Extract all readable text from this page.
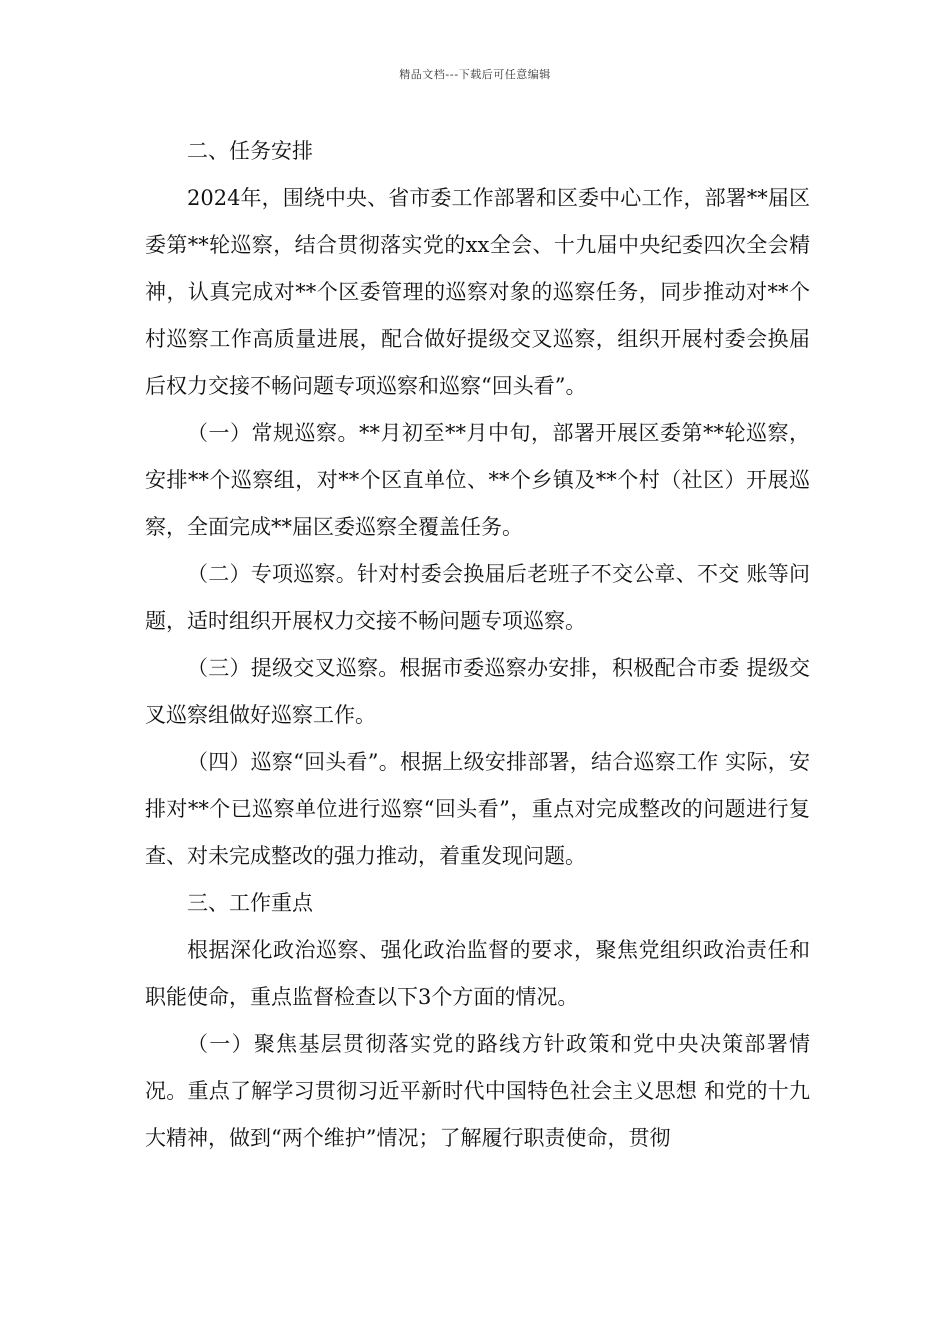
精品文档---下载后可任意编辑

二、任务安排

2024年，围绕中央、省市委工作部署和区委中心工作，部署**届区委第**轮巡察，结合贯彻落实党的xx全会、十九届中央纪委四次全会精神，认真完成对**个区委管理的巡察对象的巡察任务，同步推动对**个村巡察工作高质量进展，配合做好提级交叉巡察，组织开展村委会换届后权力交接不畅问题专项巡察和巡察“回头看”。

（一）常规巡察。**月初至**月中旬，部署开展区委第**轮巡察，安排**个巡察组，对**个区直单位、**个乡镇及**个村（社区）开展巡察，全面完成**届区委巡察全覆盖任务。

（二）专项巡察。针对村委会换届后老班子不交公章、不交 账等问题，适时组织开展权力交接不畅问题专项巡察。

（三）提级交叉巡察。根据市委巡察办安排，积极配合市委 提级交叉巡察组做好巡察工作。

（四）巡察“回头看”。根据上级安排部署，结合巡察工作 实际，安排对**个已巡察单位进行巡察“回头看”，重点对完成整改的问题进行复查、对未完成整改的强力推动，着重发现问题。

三、工作重点

根据深化政治巡察、强化政治监督的要求，聚焦党组织政治责任和职能使命，重点监督检查以下3个方面的情况。

（一）聚焦基层贯彻落实党的路线方针政策和党中央决策部署情况。重点了解学习贯彻习近平新时代中国特色社会主义思想 和党的十九大精神，做到“两个维护”情况；了解履行职责使命，贯彻
